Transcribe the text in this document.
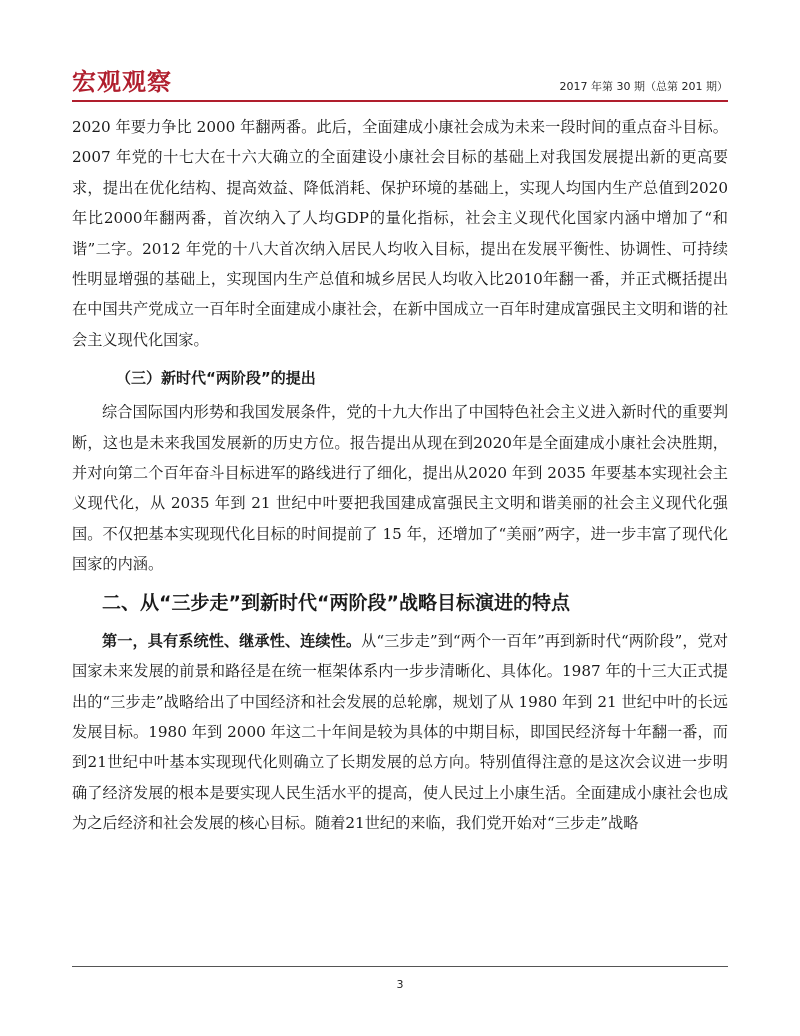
宏观观察	2017 年第 30 期（总第 201 期）

2020 年要力争比 2000 年翻两番。此后，全面建成小康社会成为未来一段时间的重点奋斗目标。2007 年党的十七大在十六大确立的全面建设小康社会目标的基础上对我国发展提出新的更高要求，提出在优化结构、提高效益、降低消耗、保护环境的基础上，实现人均国内生产总值到2020年比2000年翻两番，首次纳入了人均GDP的量化指标，社会主义现代化国家内涵中增加了“和谐”二字。2012 年党的十八大首次纳入居民人均收入目标，提出在发展平衡性、协调性、可持续性明显增强的基础上，实现国内生产总值和城乡居民人均收入比2010年翻一番，并正式概括提出在中国共产党成立一百年时全面建成小康社会，在新中国成立一百年时建成富强民主文明和谐的社会主义现代化国家。

（三）新时代“两阶段”的提出

综合国际国内形势和我国发展条件，党的十九大作出了中国特色社会主义进入新时代的重要判断，这也是未来我国发展新的历史方位。报告提出从现在到2020年是全面建成小康社会决胜期，并对向第二个百年奋斗目标进军的路线进行了细化，提出从2020 年到 2035 年要基本实现社会主义现代化，从 2035 年到 21 世纪中叶要把我国建成富强民主文明和谐美丽的社会主义现代化强国。不仅把基本实现现代化目标的时间提前了 15 年，还增加了“美丽”两字，进一步丰富了现代化国家的内涵。

二、从“三步走”到新时代“两阶段”战略目标演进的特点

第一，具有系统性、继承性、连续性。从“三步走”到“两个一百年”再到新时代“两阶段”，党对国家未来发展的前景和路径是在统一框架体系内一步步清晰化、具体化。1987 年的十三大正式提出的“三步走”战略给出了中国经济和社会发展的总轮廓，规划了从 1980 年到 21 世纪中叶的长远发展目标。1980 年到 2000 年这二十年间是较为具体的中期目标，即国民经济每十年翻一番，而到21世纪中叶基本实现现代化则确立了长期发展的总方向。特别值得注意的是这次会议进一步明确了经济发展的根本是要实现人民生活水平的提高，使人民过上小康生活。全面建成小康社会也成为之后经济和社会发展的核心目标。随着21世纪的来临，我们党开始对“三步走”战略

3
